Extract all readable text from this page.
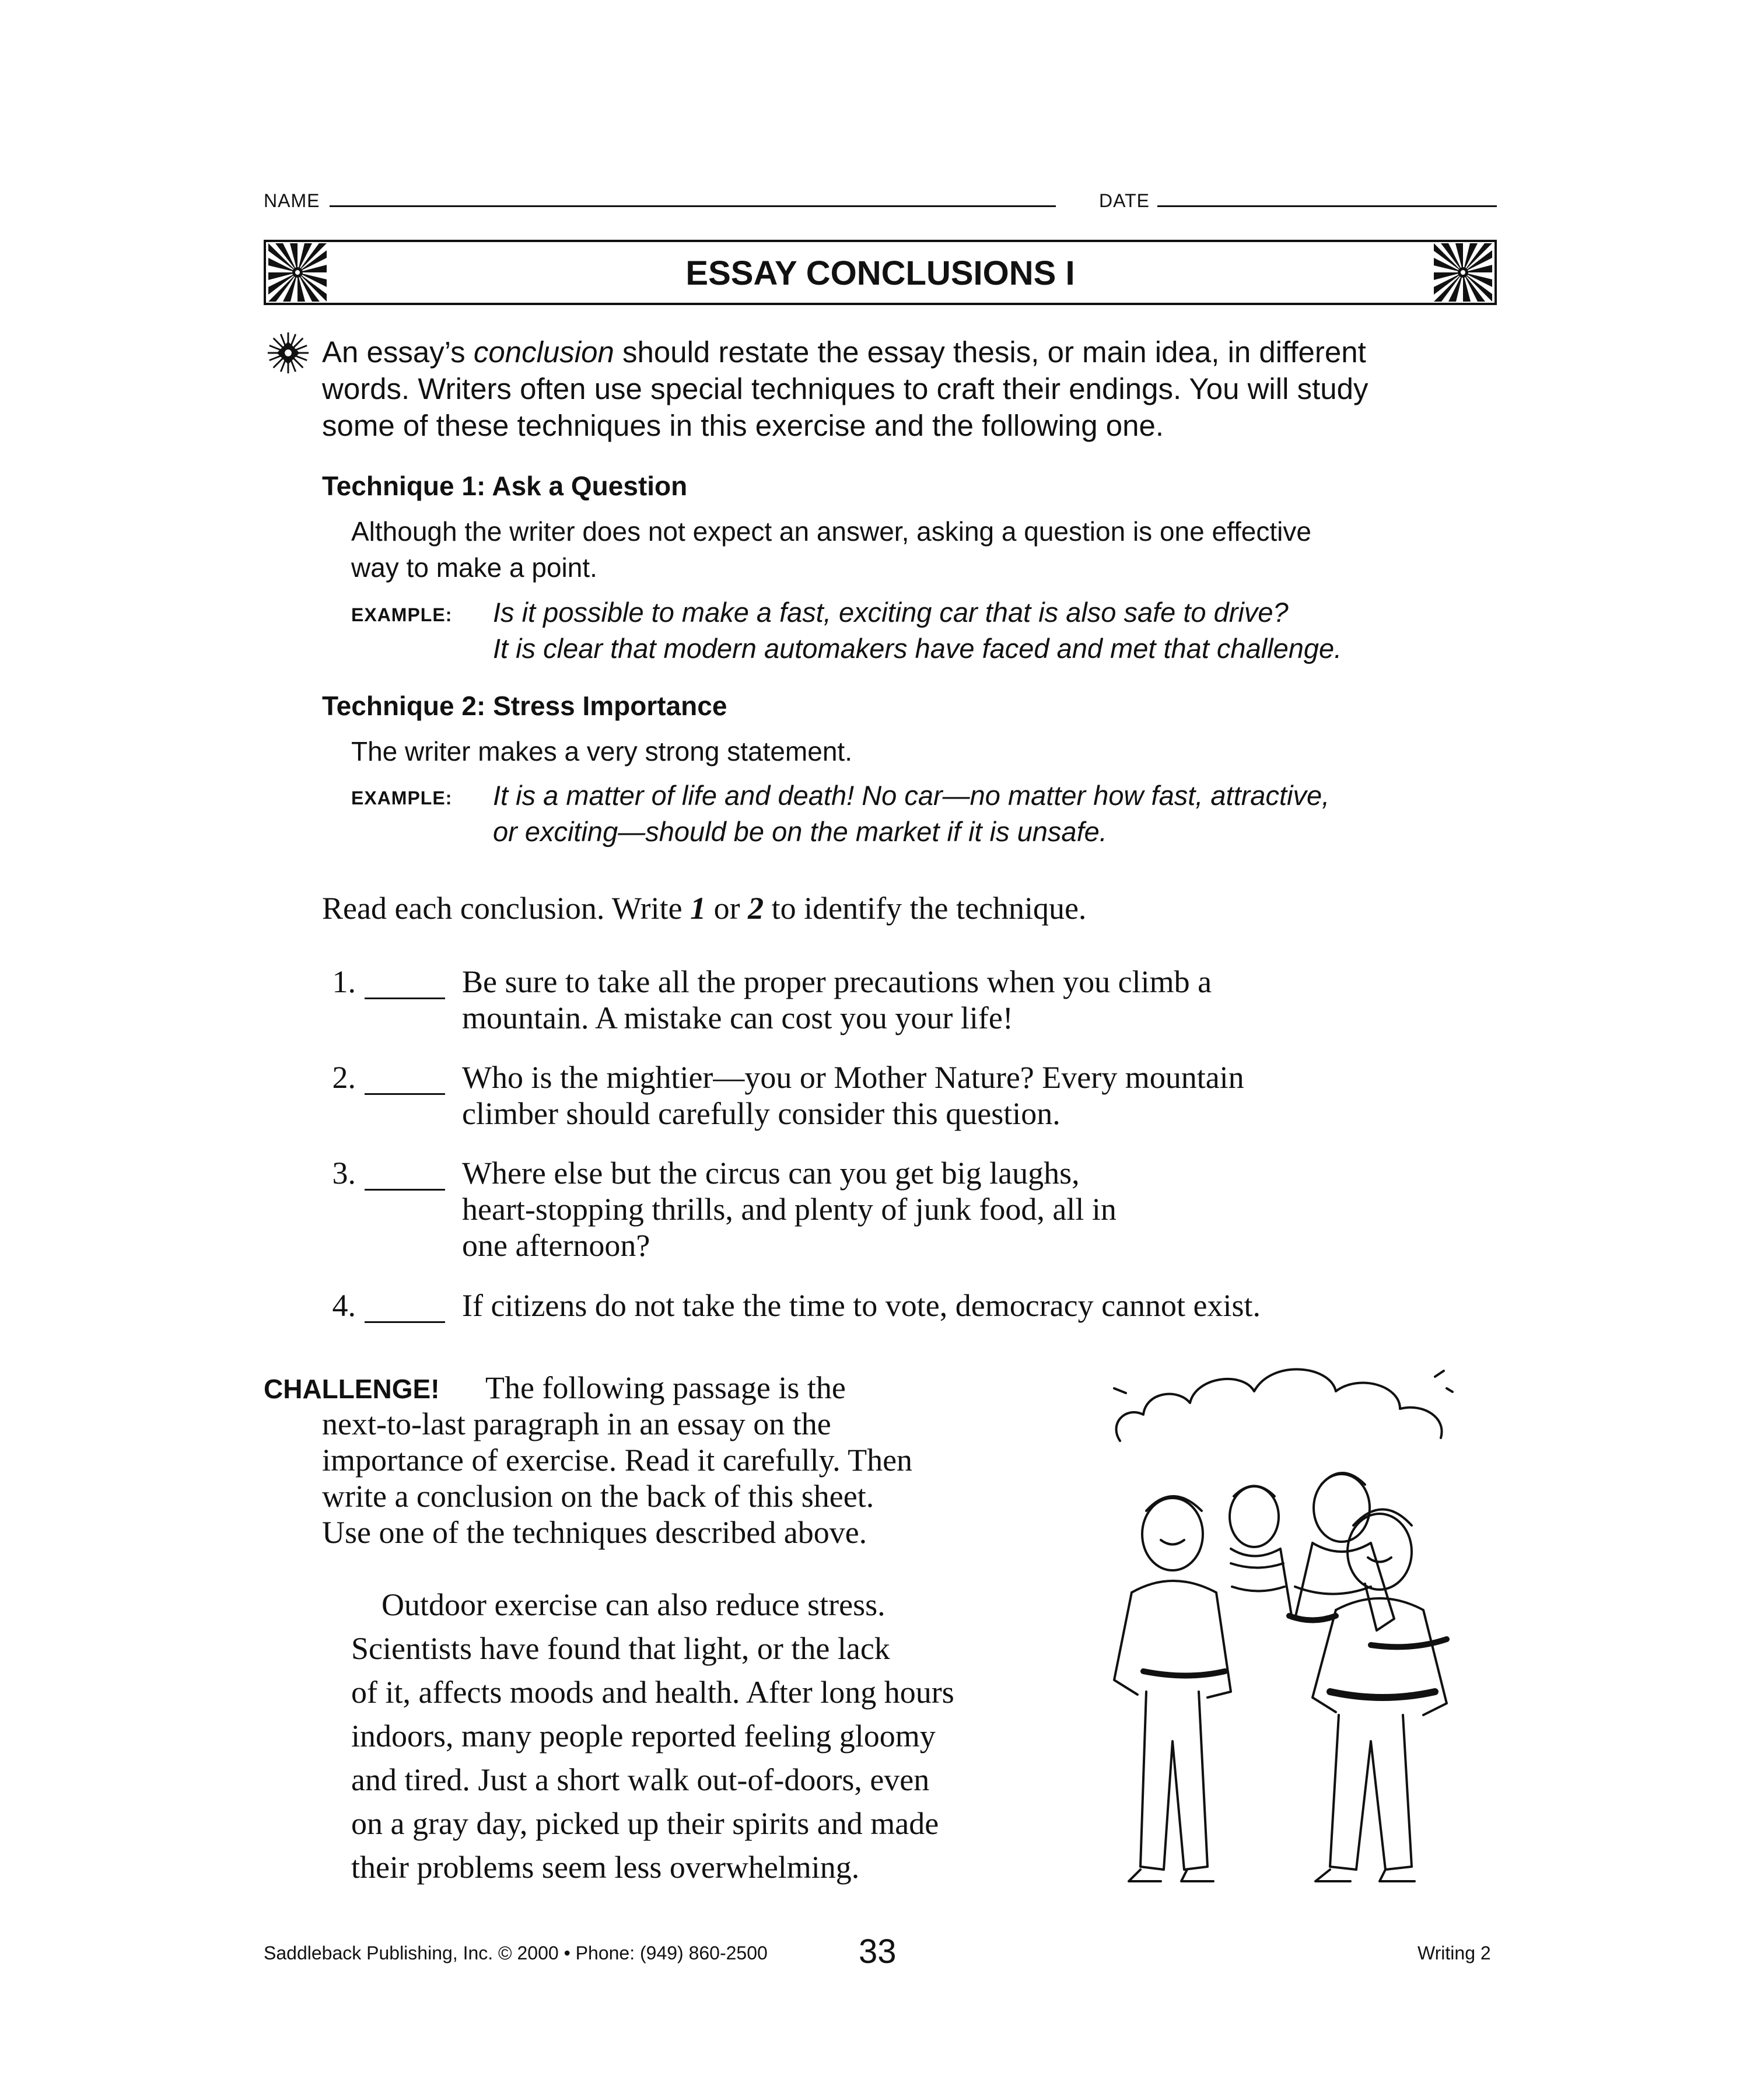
NAME	DATE
ESSAY CONCLUSIONS I
An essay’s conclusion should restate the essay thesis, or main idea, in different
words. Writers often use special techniques to craft their endings. You will study
some of these techniques in this exercise and the following one.
Technique 1: Ask a Question
Although the writer does not expect an answer, asking a question is one effective
way to make a point.
EXAMPLE: Is it possible to make a fast, exciting car that is also safe to drive?
It is clear that modern automakers have faced and met that challenge.
Technique 2: Stress Importance
The writer makes a very strong statement.
EXAMPLE: It is a matter of life and death! No car—no matter how fast, attractive,
or exciting—should be on the market if it is unsafe.
Read each conclusion. Write 1 or 2 to identify the technique.
1.	Be sure to take all the proper precautions when you climb a
mountain. A mistake can cost you your life!
2.	Who is the mightier—you or Mother Nature? Every mountain
climber should carefully consider this question.
3.	Where else but the circus can you get big laughs,
heart-stopping thrills, and plenty of junk food, all in
one afternoon?
4.	If citizens do not take the time to vote, democracy cannot exist.
CHALLENGE! The following passage is the
next-to-last paragraph in an essay on the
importance of exercise. Read it carefully. Then
write a conclusion on the back of this sheet.
Use one of the techniques described above.
Outdoor exercise can also reduce stress.
Scientists have found that light, or the lack
of it, affects moods and health. After long hours
indoors, many people reported feeling gloomy
and tired. Just a short walk out-of-doors, even
on a gray day, picked up their spirits and made
their problems seem less overwhelming.
Saddleback Publishing, Inc. © 2000 • Phone: (949) 860-2500	33	Writing 2
